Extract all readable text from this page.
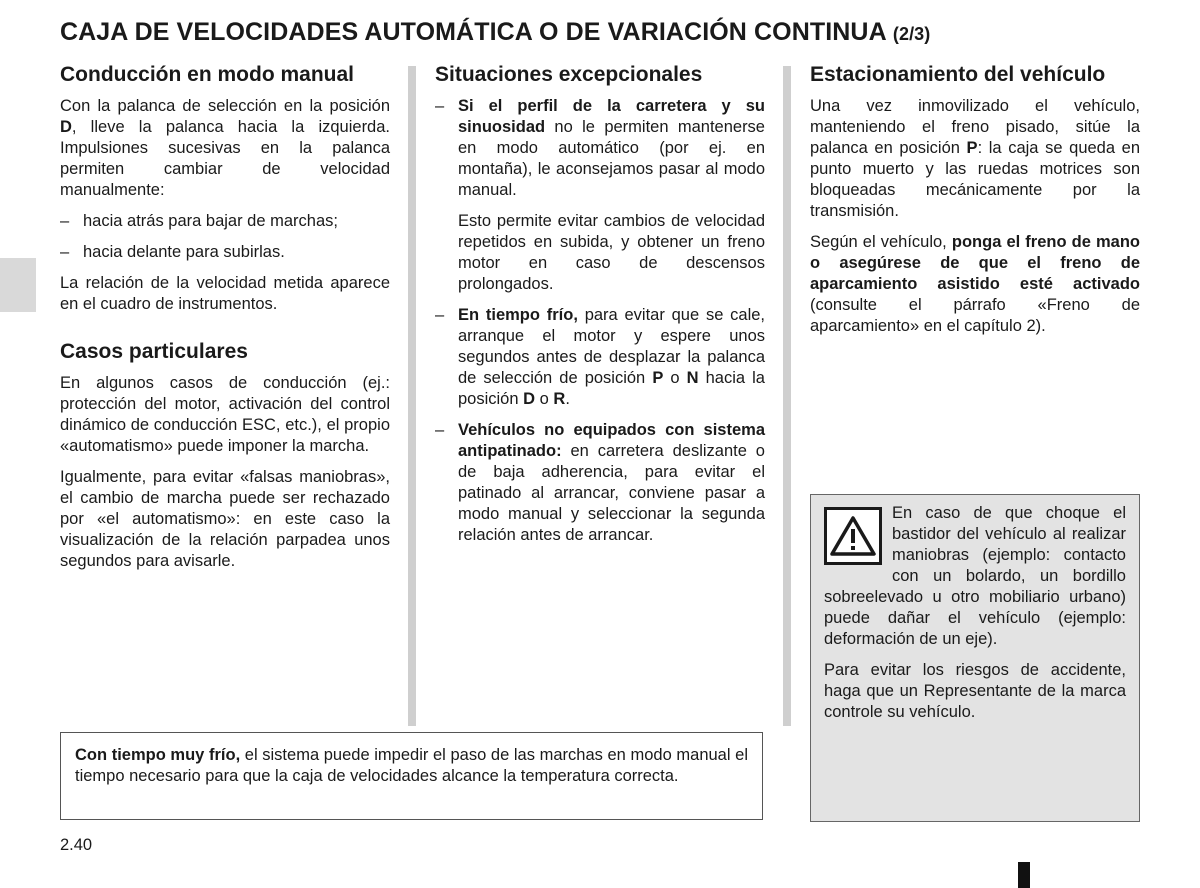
CAJA DE VELOCIDADES AUTOMÁTICA O DE VARIACIÓN CONTINUA (2/3)
Conducción en modo manual

Con la palanca de selección en la posición D, lleve la palanca hacia la izquierda. Impulsiones sucesivas en la palanca permiten cambiar de velocidad manualmente:

– hacia atrás para bajar de marchas;

– hacia delante para subirlas.

La relación de la velocidad metida aparece en el cuadro de instrumentos.

Casos particulares

En algunos casos de conducción (ej.: protección del motor, activación del control dinámico de conducción ESC, etc.), el propio «automatismo» puede imponer la marcha.

Igualmente, para evitar «falsas maniobras», el cambio de marcha puede ser rechazado por «el automatismo»: en este caso la visualización de la relación parpadea unos segundos para avisarle.

Situaciones excepcionales

– Si el perfil de la carretera y su sinuosidad no le permiten mantenerse en modo automático (por ej. en montaña), le aconsejamos pasar al modo manual.

Esto permite evitar cambios de velocidad repetidos en subida, y obtener un freno motor en caso de descensos prolongados.

– En tiempo frío, para evitar que se cale, arranque el motor y espere unos segundos antes de desplazar la palanca de selección de posición P o N hacia la posición D o R.

– Vehículos no equipados con sistema antipatinado: en carretera deslizante o de baja adherencia, para evitar el patinado al arrancar, conviene pasar a modo manual y seleccionar la segunda relación antes de arrancar.

Estacionamiento del vehículo

Una vez inmovilizado el vehículo, manteniendo el freno pisado, sitúe la palanca en posición P: la caja se queda en punto muerto y las ruedas motrices son bloqueadas mecánicamente por la transmisión.

Según el vehículo, ponga el freno de mano o asegúrese de que el freno de aparcamiento asistido esté activado (consulte el párrafo «Freno de aparcamiento» en el capítulo 2).

Con tiempo muy frío, el sistema puede impedir el paso de las marchas en modo manual el tiempo necesario para que la caja de velocidades alcance la temperatura correcta.

En caso de que choque el bastidor del vehículo al realizar maniobras (ejemplo: contacto con un bolardo, un bordillo sobreelevado u otro mobiliario urbano) puede dañar el vehículo (ejemplo: deformación de un eje).

Para evitar los riesgos de accidente, haga que un Representante de la marca controle su vehículo.

2.40
